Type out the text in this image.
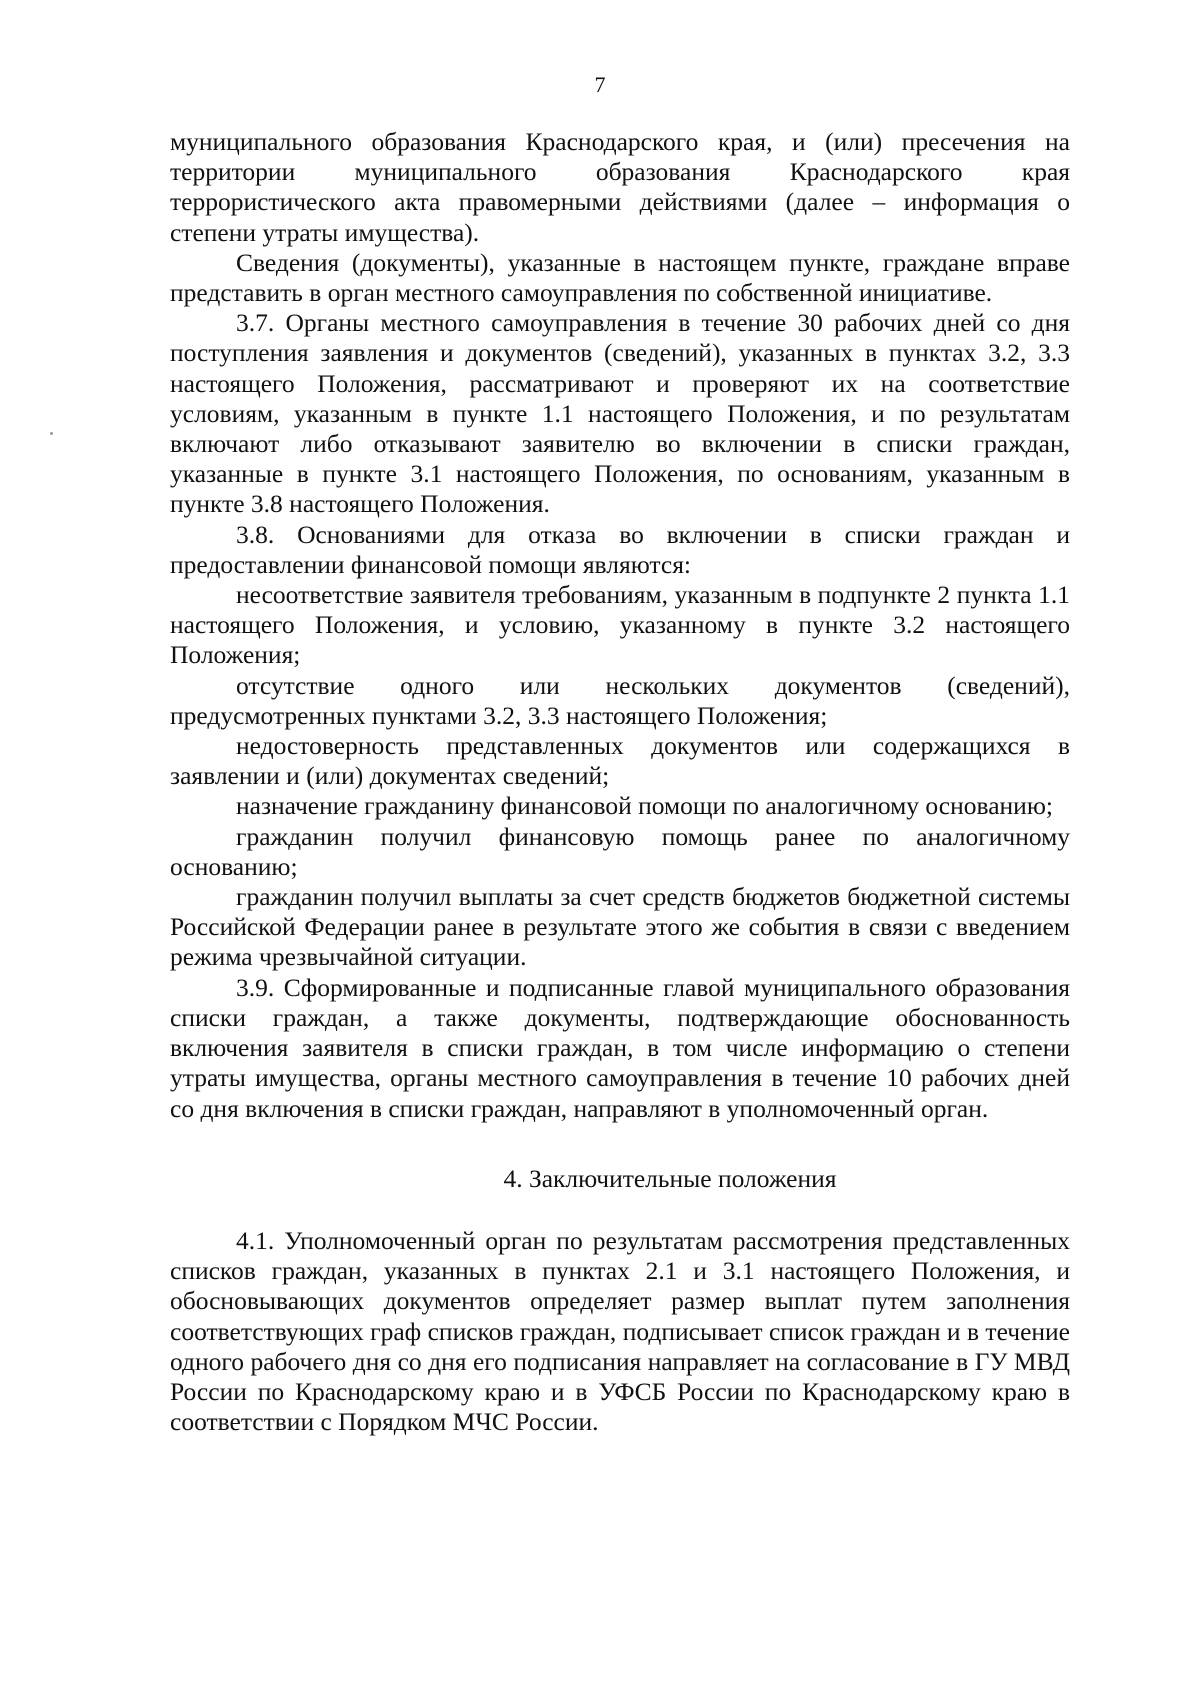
7

муниципального образования Краснодарского края, и (или) пресечения на территории муниципального образования Краснодарского края террористического акта правомерными действиями (далее – информация о степени утраты имущества).

Сведения (документы), указанные в настоящем пункте, граждане вправе представить в орган местного самоуправления по собственной инициативе.

3.7. Органы местного самоуправления в течение 30 рабочих дней со дня поступления заявления и документов (сведений), указанных в пунктах 3.2, 3.3 настоящего Положения, рассматривают и проверяют их на соответствие условиям, указанным в пункте 1.1 настоящего Положения, и по результатам включают либо отказывают заявителю во включении в списки граждан, указанные в пункте 3.1 настоящего Положения, по основаниям, указанным в пункте 3.8 настоящего Положения.

3.8. Основаниями для отказа во включении в списки граждан и предоставлении финансовой помощи являются:

несоответствие заявителя требованиям, указанным в подпункте 2 пункта 1.1 настоящего Положения, и условию, указанному в пункте 3.2 настоящего Положения;

отсутствие одного или нескольких документов (сведений), предусмотренных пунктами 3.2, 3.3 настоящего Положения;

недостоверность представленных документов или содержащихся в заявлении и (или) документах сведений;

назначение гражданину финансовой помощи по аналогичному основанию;

гражданин получил финансовую помощь ранее по аналогичному основанию;

гражданин получил выплаты за счет средств бюджетов бюджетной системы Российской Федерации ранее в результате этого же события в связи с введением режима чрезвычайной ситуации.

3.9. Сформированные и подписанные главой муниципального образования списки граждан, а также документы, подтверждающие обоснованность включения заявителя в списки граждан, в том числе информацию о степени утраты имущества, органы местного самоуправления в течение 10 рабочих дней со дня включения в списки граждан, направляют в уполномоченный орган.

4. Заключительные положения

4.1. Уполномоченный орган по результатам рассмотрения представленных списков граждан, указанных в пунктах 2.1 и 3.1 настоящего Положения, и обосновывающих документов определяет размер выплат путем заполнения соответствующих граф списков граждан, подписывает список граждан и в течение одного рабочего дня со дня его подписания направляет на согласование в ГУ МВД России по Краснодарскому краю и в УФСБ России по Краснодарскому краю в соответствии с Порядком МЧС России.
